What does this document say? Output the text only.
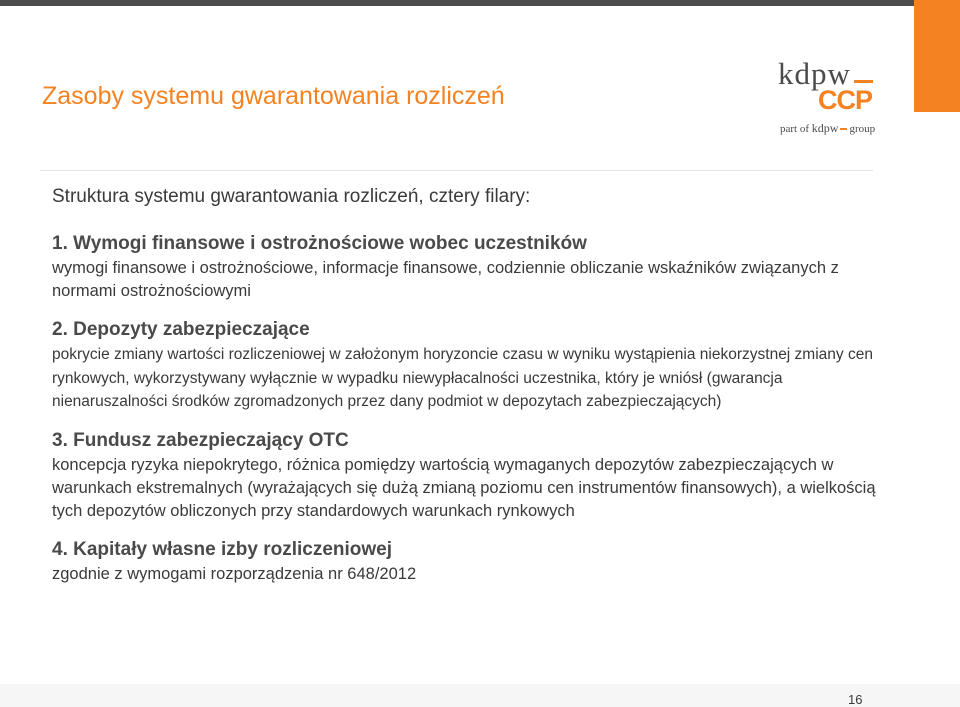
Zasoby systemu gwarantowania rozliczeń
kdpw
CCP
part of kdpw group
Struktura systemu gwarantowania rozliczeń, cztery filary:
1. Wymogi finansowe i ostrożnościowe wobec uczestników
wymogi finansowe i ostrożnościowe, informacje finansowe, codziennie obliczanie wskaźników związanych z normami ostrożnościowymi
2. Depozyty zabezpieczające
pokrycie zmiany wartości rozliczeniowej w założonym horyzoncie czasu w wyniku wystąpienia niekorzystnej zmiany cen rynkowych, wykorzystywany wyłącznie w wypadku niewypłacalności uczestnika, który je wniósł (gwarancja nienaruszalności środków zgromadzonych przez dany podmiot w depozytach zabezpieczających)
3. Fundusz zabezpieczający OTC
koncepcja ryzyka niepokrytego, różnica pomiędzy wartością wymaganych depozytów zabezpieczających w warunkach ekstremalnych (wyrażających się dużą zmianą poziomu cen instrumentów finansowych), a wielkością tych depozytów obliczonych przy standardowych warunkach rynkowych
4. Kapitały własne izby rozliczeniowej
zgodnie z wymogami rozporządzenia nr 648/2012
16
